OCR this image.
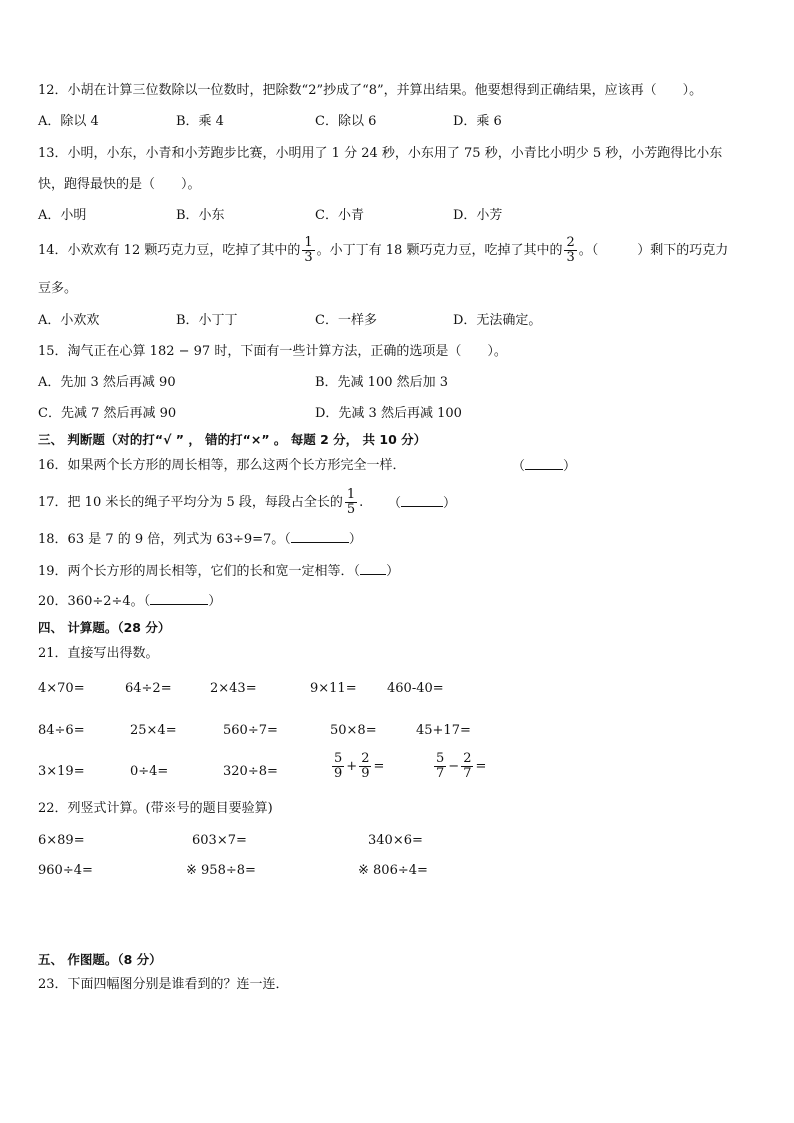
12．小胡在计算三位数除以一位数时，把除数“2”抄成了“8”，并算出结果。他要想得到正确结果，应该再（　　）。
A．除以 4	B．乘 4	C．除以 6	D．乘 6
13．小明，小东，小青和小芳跑步比赛，小明用了 1 分 24 秒，小东用了 75 秒，小青比小明少 5 秒，小芳跑得比小东
快，跑得最快的是（　　）。
A．小明	B．小东	C．小青	D．小芳
14．小欢欢有 12 颗巧克力豆，吃掉了其中的 $\frac{1}{3}$ 。小丁丁有 18 颗巧克力豆，吃掉了其中的 $\frac{2}{3}$ 。（　　　）剩下的巧克力
豆多。
A．小欢欢	B．小丁丁	C．一样多	D．无法确定。
15．淘气正在心算 182 − 97 时，下面有一些计算方法，正确的选项是（　　）。
A．先加 3 然后再减 90	B．先减 100 然后加 3
C．先减 7 然后再减 90	D．先减 3 然后再减 100
三、 判断题（对的打“√ ” ， 错的打“×” 。 每题 2 分， 共 10 分）
16．如果两个长方形的周长相等，那么这两个长方形完全一样．	（	）
17．把 10 米长的绳子平均分为 5 段，每段占全长的 $\frac{1}{5}$ . （	）
18．63 是 7 的 9 倍，列式为 63÷9=7。（	）
19．两个长方形的周长相等，它们的长和宽一定相等．（ ）
20．360÷2÷4。（	）
四、 计算题。（28 分）
21．直接写出得数。
4×70=	64÷2=	2×43=	9×11= 460-40=
84÷6=	25×4=	560÷7=	50×8=	45+17=
3×19=	0÷4=	320÷8=	$\frac{5}{9} + \frac{2}{9}$ =	$\frac{5}{7} - \frac{2}{7}$ =
22．列竖式计算。(带※号的题目要验算)
6×89=	603×7=	340×6=
960÷4=	※ 958÷8=	※ 806÷4=
五、 作图题。（8 分）
23．下面四幅图分别是谁看到的？连一连．
